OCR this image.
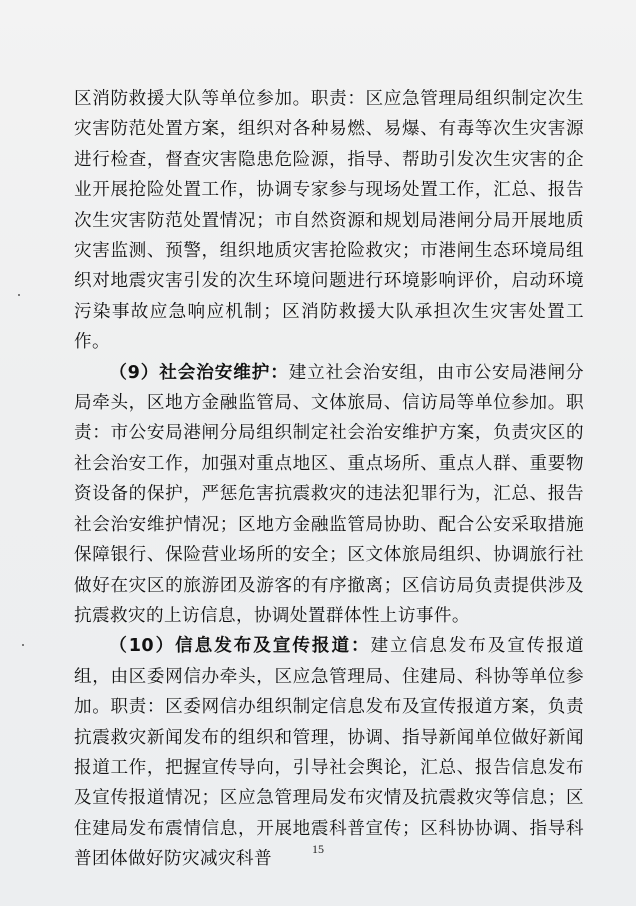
区消防救援大队等单位参加。职责：区应急管理局组织制定次生灾害防范处置方案，组织对各种易燃、易爆、有毒等次生灾害源进行检查，督查灾害隐患危险源，指导、帮助引发次生灾害的企业开展抢险处置工作，协调专家参与现场处置工作，汇总、报告次生灾害防范处置情况；市自然资源和规划局港闸分局开展地质灾害监测、预警，组织地质灾害抢险救灾；市港闸生态环境局组织对地震灾害引发的次生环境问题进行环境影响评价，启动环境污染事故应急响应机制；区消防救援大队承担次生灾害处置工作。

（9）社会治安维护：建立社会治安组，由市公安局港闸分局牵头，区地方金融监管局、文体旅局、信访局等单位参加。职责：市公安局港闸分局组织制定社会治安维护方案，负责灾区的社会治安工作，加强对重点地区、重点场所、重点人群、重要物资设备的保护，严惩危害抗震救灾的违法犯罪行为，汇总、报告社会治安维护情况；区地方金融监管局协助、配合公安采取措施保障银行、保险营业场所的安全；区文体旅局组织、协调旅行社做好在灾区的旅游团及游客的有序撤离；区信访局负责提供涉及抗震救灾的上访信息，协调处置群体性上访事件。

（10）信息发布及宣传报道：建立信息发布及宣传报道组，由区委网信办牵头，区应急管理局、住建局、科协等单位参加。职责：区委网信办组织制定信息发布及宣传报道方案，负责抗震救灾新闻发布的组织和管理，协调、指导新闻单位做好新闻报道工作，把握宣传导向，引导社会舆论，汇总、报告信息发布及宣传报道情况；区应急管理局发布灾情及抗震救灾等信息；区住建局发布震情信息，开展地震科普宣传；区科协协调、指导科普团体做好防灾减灾科普

15
